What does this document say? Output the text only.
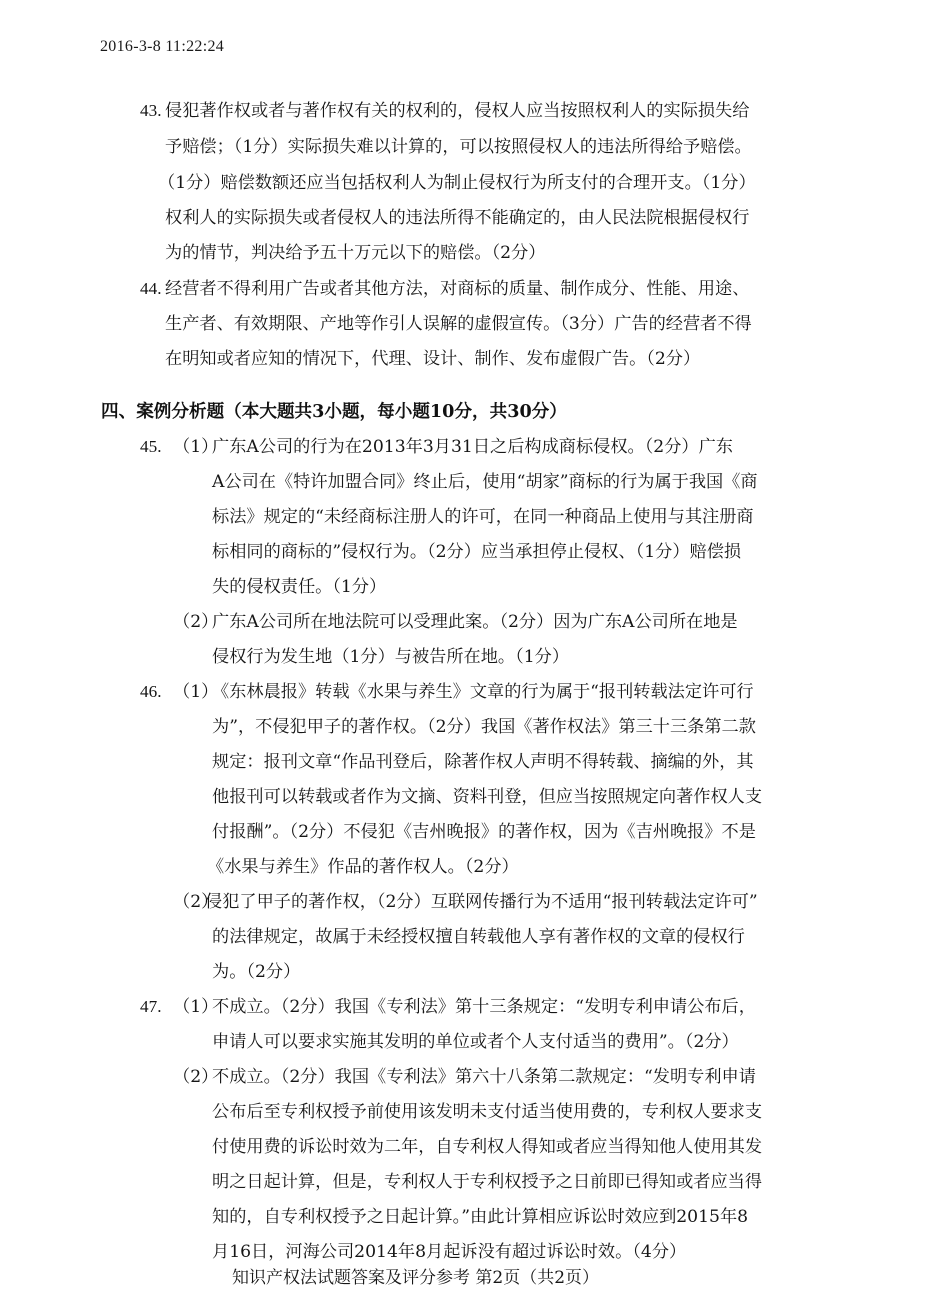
2016-3-8 11:22:24
43. 侵犯著作权或者与著作权有关的权利的，侵权人应当按照权利人的实际损失给
予赔偿；（1分）实际损失难以计算的，可以按照侵权人的违法所得给予赔偿。
（1分）赔偿数额还应当包括权利人为制止侵权行为所支付的合理开支。（1分）
权利人的实际损失或者侵权人的违法所得不能确定的，由人民法院根据侵权行
为的情节，判决给予五十万元以下的赔偿。（2分）
44. 经营者不得利用广告或者其他方法，对商标的质量、制作成分、性能、用途、
生产者、有效期限、产地等作引人误解的虚假宣传。（3分）广告的经营者不得
在明知或者应知的情况下，代理、设计、制作、发布虚假广告。（2分）
四、案例分析题（本大题共3小题，每小题10分，共30分）
45. （1）
广东A公司的行为在2013年3月31日之后构成商标侵权。（2分）广东
A公司在《特许加盟合同》终止后，使用“胡家”商标的行为属于我国《商
标法》规定的“未经商标注册人的许可，在同一种商品上使用与其注册商
标相同的商标的”侵权行为。（2分）应当承担停止侵权、（1分）赔偿损
失的侵权责任。（1分）
（2）
广东A公司所在地法院可以受理此案。（2分）因为广东A公司所在地是
侵权行为发生地（1分）与被告所在地。（1分）
46. （1）
《东林晨报》转载《水果与养生》文章的行为属于“报刊转载法定许可行
为”，不侵犯甲子的著作权。（2分）我国《著作权法》第三十三条第二款
规定：报刊文章“作品刊登后，除著作权人声明不得转载、摘编的外，其
他报刊可以转载或者作为文摘、资料刊登，但应当按照规定向著作权人支
付报酬”。（2分）不侵犯《吉州晚报》的著作权，因为《吉州晚报》不是
《水果与养生》作品的著作权人。（2分）
（2）
侵犯了甲子的著作权，（2分）互联网传播行为不适用“报刊转载法定许可”
的法律规定，故属于未经授权擅自转载他人享有著作权的文章的侵权行
为。（2分）
47. （1）
不成立。（2分）我国《专利法》第十三条规定：“发明专利申请公布后，
申请人可以要求实施其发明的单位或者个人支付适当的费用”。（2分）
（2）
不成立。（2分）我国《专利法》第六十八条第二款规定：“发明专利申请
公布后至专利权授予前使用该发明未支付适当使用费的，专利权人要求支
付使用费的诉讼时效为二年，自专利权人得知或者应当得知他人使用其发
明之日起计算，但是，专利权人于专利权授予之日前即已得知或者应当得
知的，自专利权授予之日起计算。”由此计算相应诉讼时效应到2015年8
月16日，河海公司2014年8月起诉没有超过诉讼时效。（4分）
知识产权法试题答案及评分参考 第2页（共2页）
